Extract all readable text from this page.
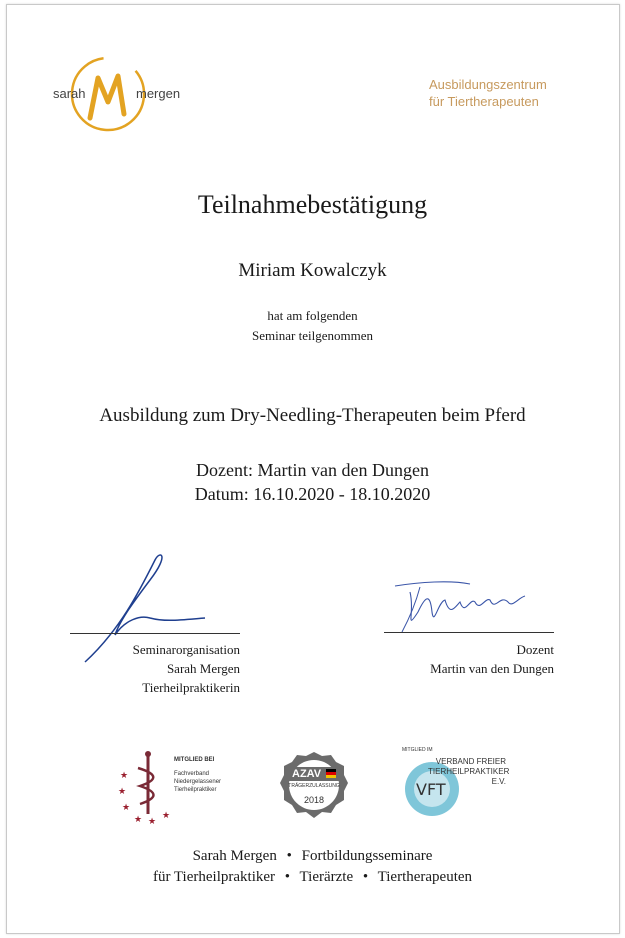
sarah	mergen
Ausbildungszentrum
für Tiertherapeuten
Teilnahmebestätigung
Miriam Kowalczyk
hat am folgenden
Seminar teilgenommen
Ausbildung zum Dry-Needling-Therapeuten beim Pferd
Dozent: Martin van den Dungen
Datum: 16.10.2020 - 18.10.2020
Seminarorganisation
Sarah Mergen
Tierheilpraktikerin
Dozent
Martin van den Dungen
★
★
★
★ ★
★
MITGLIED BEI
Fachverband
Niedergelassener
Tierheilpraktiker
AZAV
TRÄGERZULASSUNG
2018
MITGLIED IM
VFT
VERBAND FREIER
TIERHEILPRAKTIKER
E.V.
Sarah Mergen • Fortbildungsseminare
für Tierheilpraktiker • Tierärzte • Tiertherapeuten
